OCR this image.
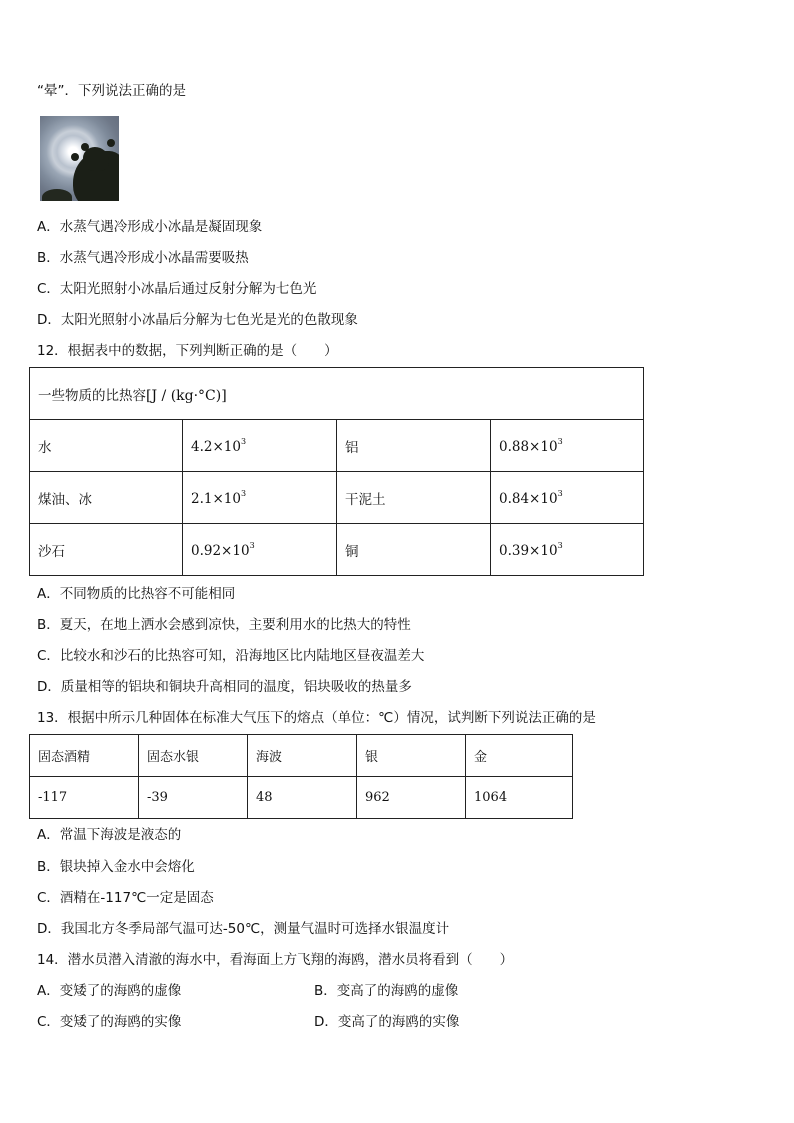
“晕”．下列说法正确的是
A．水蒸气遇冷形成小冰晶是凝固现象
B．水蒸气遇冷形成小冰晶需要吸热
C．太阳光照射小冰晶后通过反射分解为七色光
D．太阳光照射小冰晶后分解为七色光是光的色散现象
12．根据表中的数据，下列判断正确的是（　　）
一些物质的比热容[J / (kg·°C)]			
水	$4.2\times 10^3$	铝	$0.88\times 10^3$
煤油、冰	$2.1\times 10^3$	干泥土	$0.84\times 10^3$
沙石	$0.92\times 10^3$	铜	$0.39\times 10^3$
A．不同物质的比热容不可能相同
B．夏天，在地上洒水会感到凉快，主要利用水的比热大的特性
C．比较水和沙石的比热容可知，沿海地区比内陆地区昼夜温差大
D．质量相等的铝块和铜块升高相同的温度，铝块吸收的热量多
13．根据中所示几种固体在标准大气压下的熔点（单位：℃）情况，试判断下列说法正确的是
固态酒精	固态水银	海波	银	金
-117	-39	48	962	1064
A．常温下海波是液态的
B．银块掉入金水中会熔化
C．酒精在-117℃一定是固态
D．我国北方冬季局部气温可达-50℃，测量气温时可选择水银温度计
14．潜水员潜入清澈的海水中，看海面上方飞翔的海鸥，潜水员将看到（　　）
A．变矮了的海鸥的虚像	B．变高了的海鸥的虚像
C．变矮了的海鸥的实像	D．变高了的海鸥的实像
